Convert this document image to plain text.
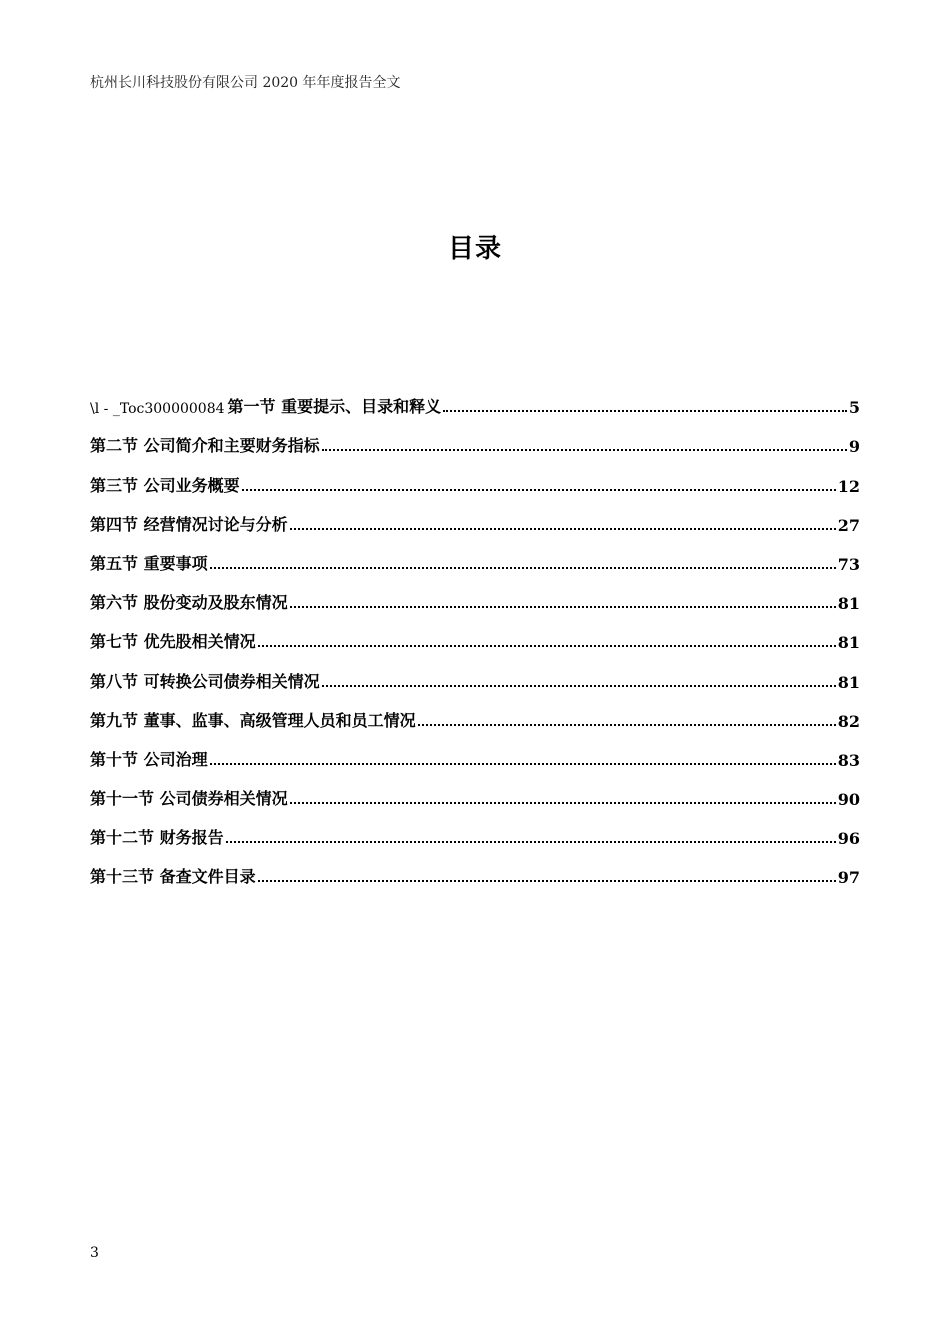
杭州长川科技股份有限公司 2020 年年度报告全文
目录
\l - _Toc300000084 第一节 重要提示、目录和释义	5
第二节 公司简介和主要财务指标	9
第三节 公司业务概要	12
第四节 经营情况讨论与分析	27
第五节 重要事项	73
第六节 股份变动及股东情况	81
第七节 优先股相关情况	81
第八节 可转换公司债券相关情况	81
第九节 董事、监事、高级管理人员和员工情况	82
第十节 公司治理	83
第十一节 公司债券相关情况	90
第十二节 财务报告	96
第十三节 备查文件目录	97
3
